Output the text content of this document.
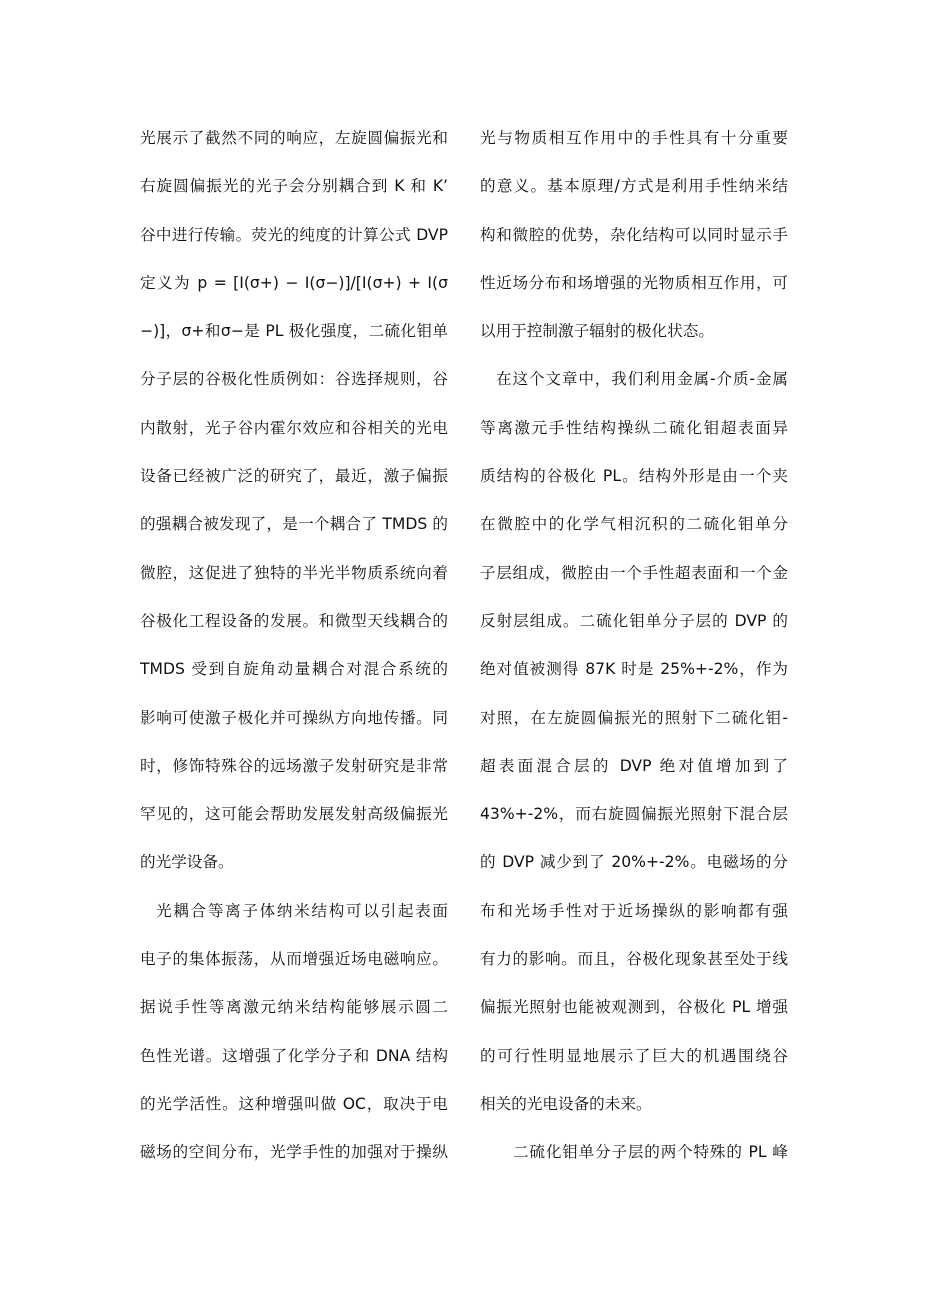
光展示了截然不同的响应，左旋圆偏振光和
右旋圆偏振光的光子会分别耦合到 K 和 K’
谷中进行传输。荧光的纯度的计算公式 DVP
定义为 p = [I(σ+) − I(σ−)]/[I(σ+) + I(σ
−)]，σ+和σ−是 PL 极化强度，二硫化钼单
分子层的谷极化性质例如：谷选择规则，谷
内散射，光子谷内霍尔效应和谷相关的光电
设备已经被广泛的研究了，最近，激子偏振
的强耦合被发现了，是一个耦合了 TMDS 的
微腔，这促进了独特的半光半物质系统向着
谷极化工程设备的发展。和微型天线耦合的
TMDS 受到自旋角动量耦合对混合系统的
影响可使激子极化并可操纵方向地传播。同
时，修饰特殊谷的远场激子发射研究是非常
罕见的，这可能会帮助发展发射高级偏振光
的光学设备。
光耦合等离子体纳米结构可以引起表面
电子的集体振荡，从而增强近场电磁响应。
据说手性等离激元纳米结构能够展示圆二
色性光谱。这增强了化学分子和 DNA 结构
的光学活性。这种增强叫做 OC，取决于电
磁场的空间分布，光学手性的加强对于操纵
光与物质相互作用中的手性具有十分重要
的意义。基本原理/方式是利用手性纳米结
构和微腔的优势，杂化结构可以同时显示手
性近场分布和场增强的光物质相互作用，可
以用于控制激子辐射的极化状态。
在这个文章中，我们利用金属-介质-金属
等离激元手性结构操纵二硫化钼超表面异
质结构的谷极化 PL。结构外形是由一个夹
在微腔中的化学气相沉积的二硫化钼单分
子层组成，微腔由一个手性超表面和一个金
反射层组成。二硫化钼单分子层的 DVP 的
绝对值被测得 87K 时是 25%+-2%，作为
对照，在左旋圆偏振光的照射下二硫化钼-
超表面混合层的 DVP 绝对值增加到了
43%+-2%，而右旋圆偏振光照射下混合层
的 DVP 减少到了 20%+-2%。电磁场的分
布和光场手性对于近场操纵的影响都有强
有力的影响。而且，谷极化现象甚至处于线
偏振光照射也能被观测到，谷极化 PL 增强
的可行性明显地展示了巨大的机遇围绕谷
相关的光电设备的未来。
二硫化钼单分子层的两个特殊的 PL 峰
